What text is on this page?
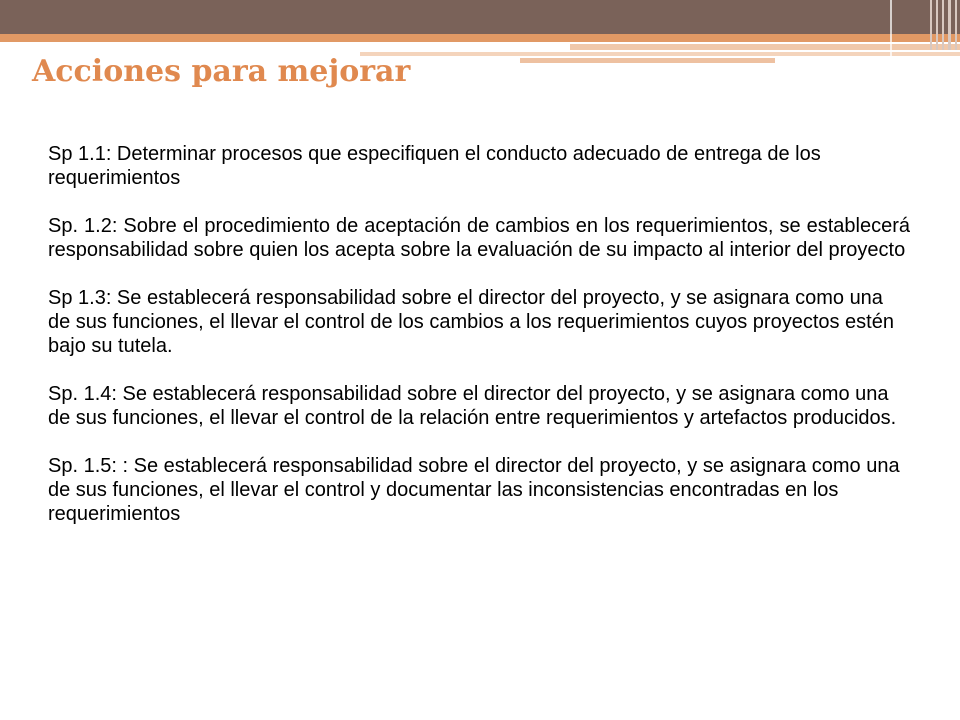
Acciones para mejorar

Sp 1.1: Determinar procesos que especifiquen el conducto adecuado de entrega de los requerimientos

Sp. 1.2: Sobre el procedimiento de aceptación de cambios en los requerimientos, se establecerá responsabilidad sobre quien los acepta sobre la evaluación de su impacto al interior del proyecto

Sp 1.3: Se establecerá responsabilidad sobre el director del proyecto, y se asignara como una de sus funciones, el llevar el control de los cambios a los requerimientos cuyos proyectos estén bajo su tutela.

Sp. 1.4: Se establecerá responsabilidad sobre el director del proyecto, y se asignara como una de sus funciones, el llevar el control de la relación entre requerimientos y artefactos producidos.

Sp. 1.5: : Se establecerá responsabilidad sobre el director del proyecto, y se asignara como una de sus funciones, el llevar el control y documentar las inconsistencias encontradas en los requerimientos
